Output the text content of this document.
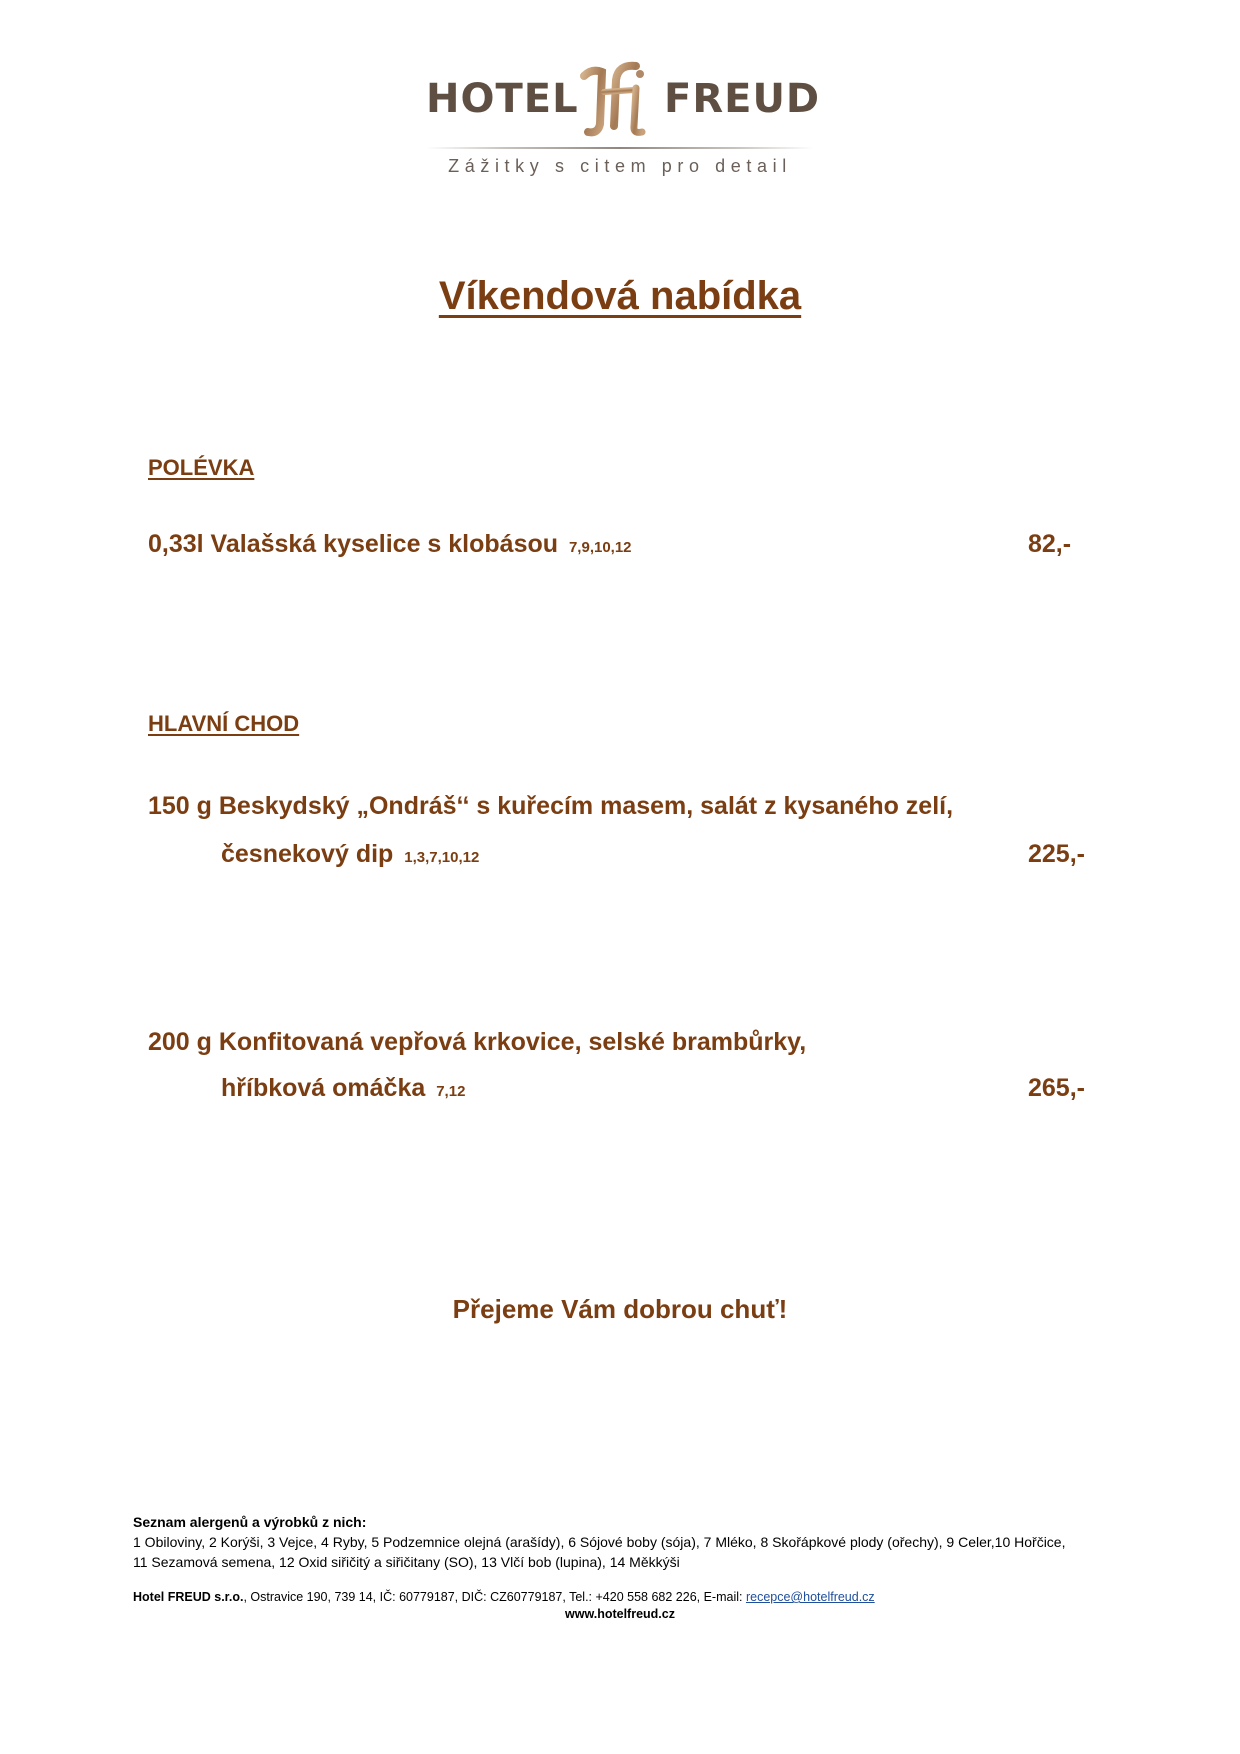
HOTEL FREUD
Zážitky s citem pro detail
Víkendová nabídka
POLÉVKA
0,33l Valašská kyselice s klobásou 7,9,10,12	82,-
HLAVNÍ CHOD
150 g Beskydský „Ondráš‘‘ s kuřecím masem, salát z kysaného zelí,
česnekový dip 1,3,7,10,12	225,-
200 g Konfitovaná vepřová krkovice, selské brambůrky,
hříbková omáčka 7,12	265,-
Přejeme Vám dobrou chuť!
Seznam alergenů a výrobků z nich:
1 Obiloviny, 2 Korýši, 3 Vejce, 4 Ryby, 5 Podzemnice olejná (arašídy), 6 Sójové boby (sója), 7 Mléko, 8 Skořápkové plody (ořechy), 9 Celer,10 Hořčice,
11 Sezamová semena, 12 Oxid siřičitý a siřičitany (SO), 13 Vlčí bob (lupina), 14 Měkkýši
Hotel FREUD s.r.o., Ostravice 190, 739 14, IČ: 60779187, DIČ: CZ60779187, Tel.: +420 558 682 226, E-mail: recepce@hotelfreud.cz
www.hotelfreud.cz
